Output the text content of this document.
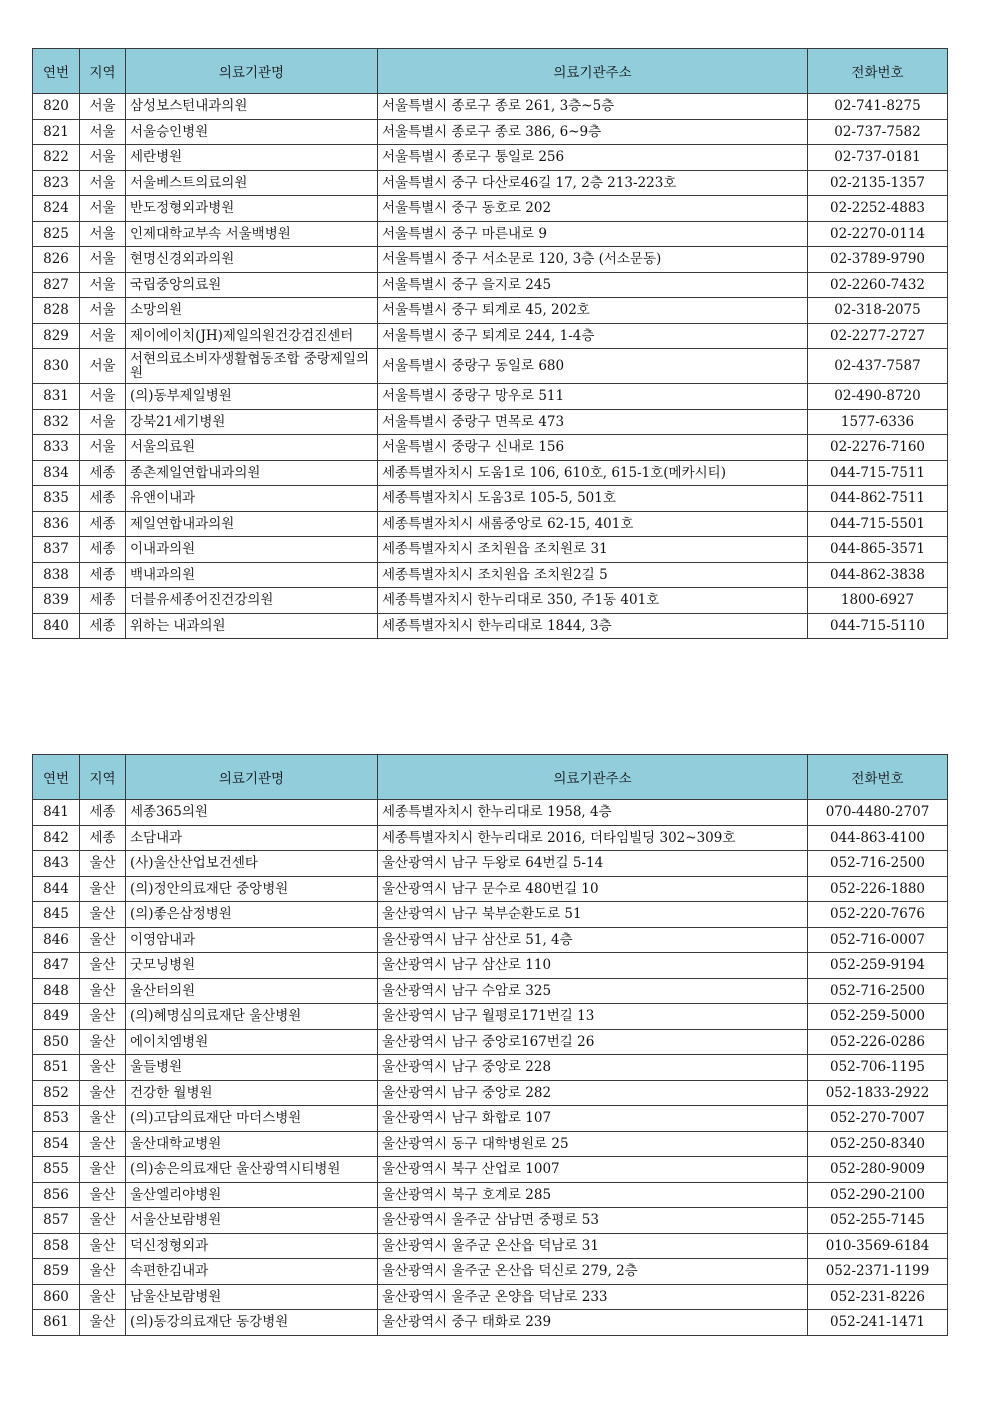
연번	지역	의료기관명	의료기관주소	전화번호
820	서울	삼성보스턴내과의원	서울특별시 종로구 종로 261, 3층~5층	02-741-8275
821	서울	서울승인병원	서울특별시 종로구 종로 386, 6~9층	02-737-7582
822	서울	세란병원	서울특별시 종로구 통일로 256	02-737-0181
823	서울	서울베스트의료의원	서울특별시 중구 다산로46길 17, 2층 213-223호	02-2135-1357
824	서울	반도정형외과병원	서울특별시 중구 동호로 202	02-2252-4883
825	서울	인제대학교부속 서울백병원	서울특별시 중구 마른내로 9	02-2270-0114
826	서울	현명신경외과의원	서울특별시 중구 서소문로 120, 3층 (서소문동)	02-3789-9790
827	서울	국립중앙의료원	서울특별시 중구 을지로 245	02-2260-7432
828	서울	소망의원	서울특별시 중구 퇴계로 45, 202호	02-318-2075
829	서울	제이에이치(JH)제일의원건강검진센터	서울특별시 중구 퇴계로 244, 1-4층	02-2277-2727
830	서울	서현의료소비자생활협동조합 중랑제일의원	서울특별시 중랑구 동일로 680	02-437-7587
831	서울	(의)동부제일병원	서울특별시 중랑구 망우로 511	02-490-8720
832	서울	강북21세기병원	서울특별시 중랑구 면목로 473	1577-6336
833	서울	서울의료원	서울특별시 중랑구 신내로 156	02-2276-7160
834	세종	종촌제일연합내과의원	세종특별자치시 도움1로 106, 610호, 615-1호(메카시티)	044-715-7511
835	세종	유앤이내과	세종특별자치시 도움3로 105-5, 501호	044-862-7511
836	세종	제일연합내과의원	세종특별자치시 새롬중앙로 62-15, 401호	044-715-5501
837	세종	이내과의원	세종특별자치시 조치원읍 조치원로 31	044-865-3571
838	세종	백내과의원	세종특별자치시 조치원읍 조치원2길 5	044-862-3838
839	세종	더블유세종어진건강의원	세종특별자치시 한누리대로 350, 주1동 401호	1800-6927
840	세종	위하는 내과의원	세종특별자치시 한누리대로 1844, 3층	044-715-5110
연번	지역	의료기관명	의료기관주소	전화번호
841	세종	세종365의원	세종특별자치시 한누리대로 1958, 4층	070-4480-2707
842	세종	소담내과	세종특별자치시 한누리대로 2016, 더타임빌딩 302~309호	044-863-4100
843	울산	(사)울산산업보건센타	울산광역시 남구 두왕로 64번길 5-14	052-716-2500
844	울산	(의)정안의료재단 중앙병원	울산광역시 남구 문수로 480번길 10	052-226-1880
845	울산	(의)좋은삼정병원	울산광역시 남구 북부순환도로 51	052-220-7676
846	울산	이영암내과	울산광역시 남구 삼산로 51, 4층	052-716-0007
847	울산	굿모닝병원	울산광역시 남구 삼산로 110	052-259-9194
848	울산	울산터의원	울산광역시 남구 수암로 325	052-716-2500
849	울산	(의)혜명심의료재단 울산병원	울산광역시 남구 월평로171번길 13	052-259-5000
850	울산	에이치엠병원	울산광역시 남구 중앙로167번길 26	052-226-0286
851	울산	울들병원	울산광역시 남구 중앙로 228	052-706-1195
852	울산	건강한 월병원	울산광역시 남구 중앙로 282	052-1833-2922
853	울산	(의)고담의료재단 마더스병원	울산광역시 남구 화합로 107	052-270-7007
854	울산	울산대학교병원	울산광역시 동구 대학병원로 25	052-250-8340
855	울산	(의)송은의료재단 울산광역시티병원	울산광역시 북구 산업로 1007	052-280-9009
856	울산	울산엘리야병원	울산광역시 북구 호계로 285	052-290-2100
857	울산	서울산보람병원	울산광역시 울주군 삼남면 중평로 53	052-255-7145
858	울산	덕신정형외과	울산광역시 울주군 온산읍 덕남로 31	010-3569-6184
859	울산	속편한김내과	울산광역시 울주군 온산읍 덕신로 279, 2층	052-2371-1199
860	울산	남울산보람병원	울산광역시 울주군 온양읍 덕남로 233	052-231-8226
861	울산	(의)동강의료재단 동강병원	울산광역시 중구 태화로 239	052-241-1471
